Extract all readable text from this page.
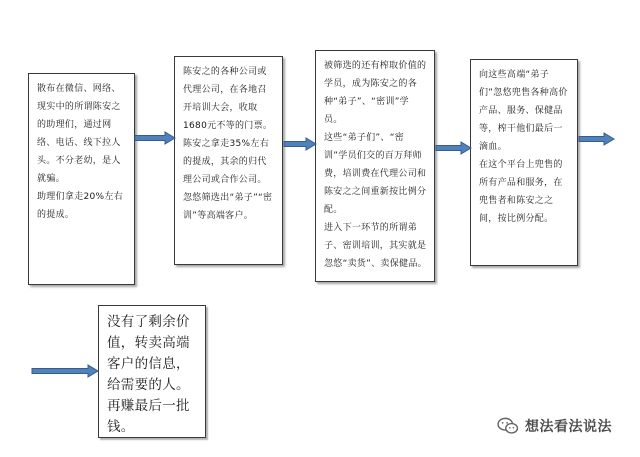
散布在微信、网络、现实中的所谓陈安之的助理们，通过网络、电话、线下拉人头。不分老幼，是人就骗。

助理们拿走20%左右的提成。

陈安之的各种公司或代理公司，在各地召开培训大会，收取1680元不等的门票。

陈安之拿走35%左右的提成，其余的归代理公司或合作公司。

忽悠筛选出“弟子”“密训”等高端客户。

被筛选的还有榨取价值的学员，成为陈安之的各种“弟子”、“密训”学员。

这些“弟子们”、“密训”学员们交的百万拜师费，培训费在代理公司和陈安之之间重新按比例分配。

进入下一环节的所谓弟子、密训培训，其实就是忽悠“卖货”、卖保健品。

向这些高端“弟子们”忽悠兜售各种高价产品、服务、保健品等，榨干他们最后一滴血。

在这个平台上兜售的所有产品和服务，在兜售者和陈安之之间，按比例分配。

没有了剩余价值，转卖高端客户的信息，给需要的人。再赚最后一批钱。	想法看法说法
